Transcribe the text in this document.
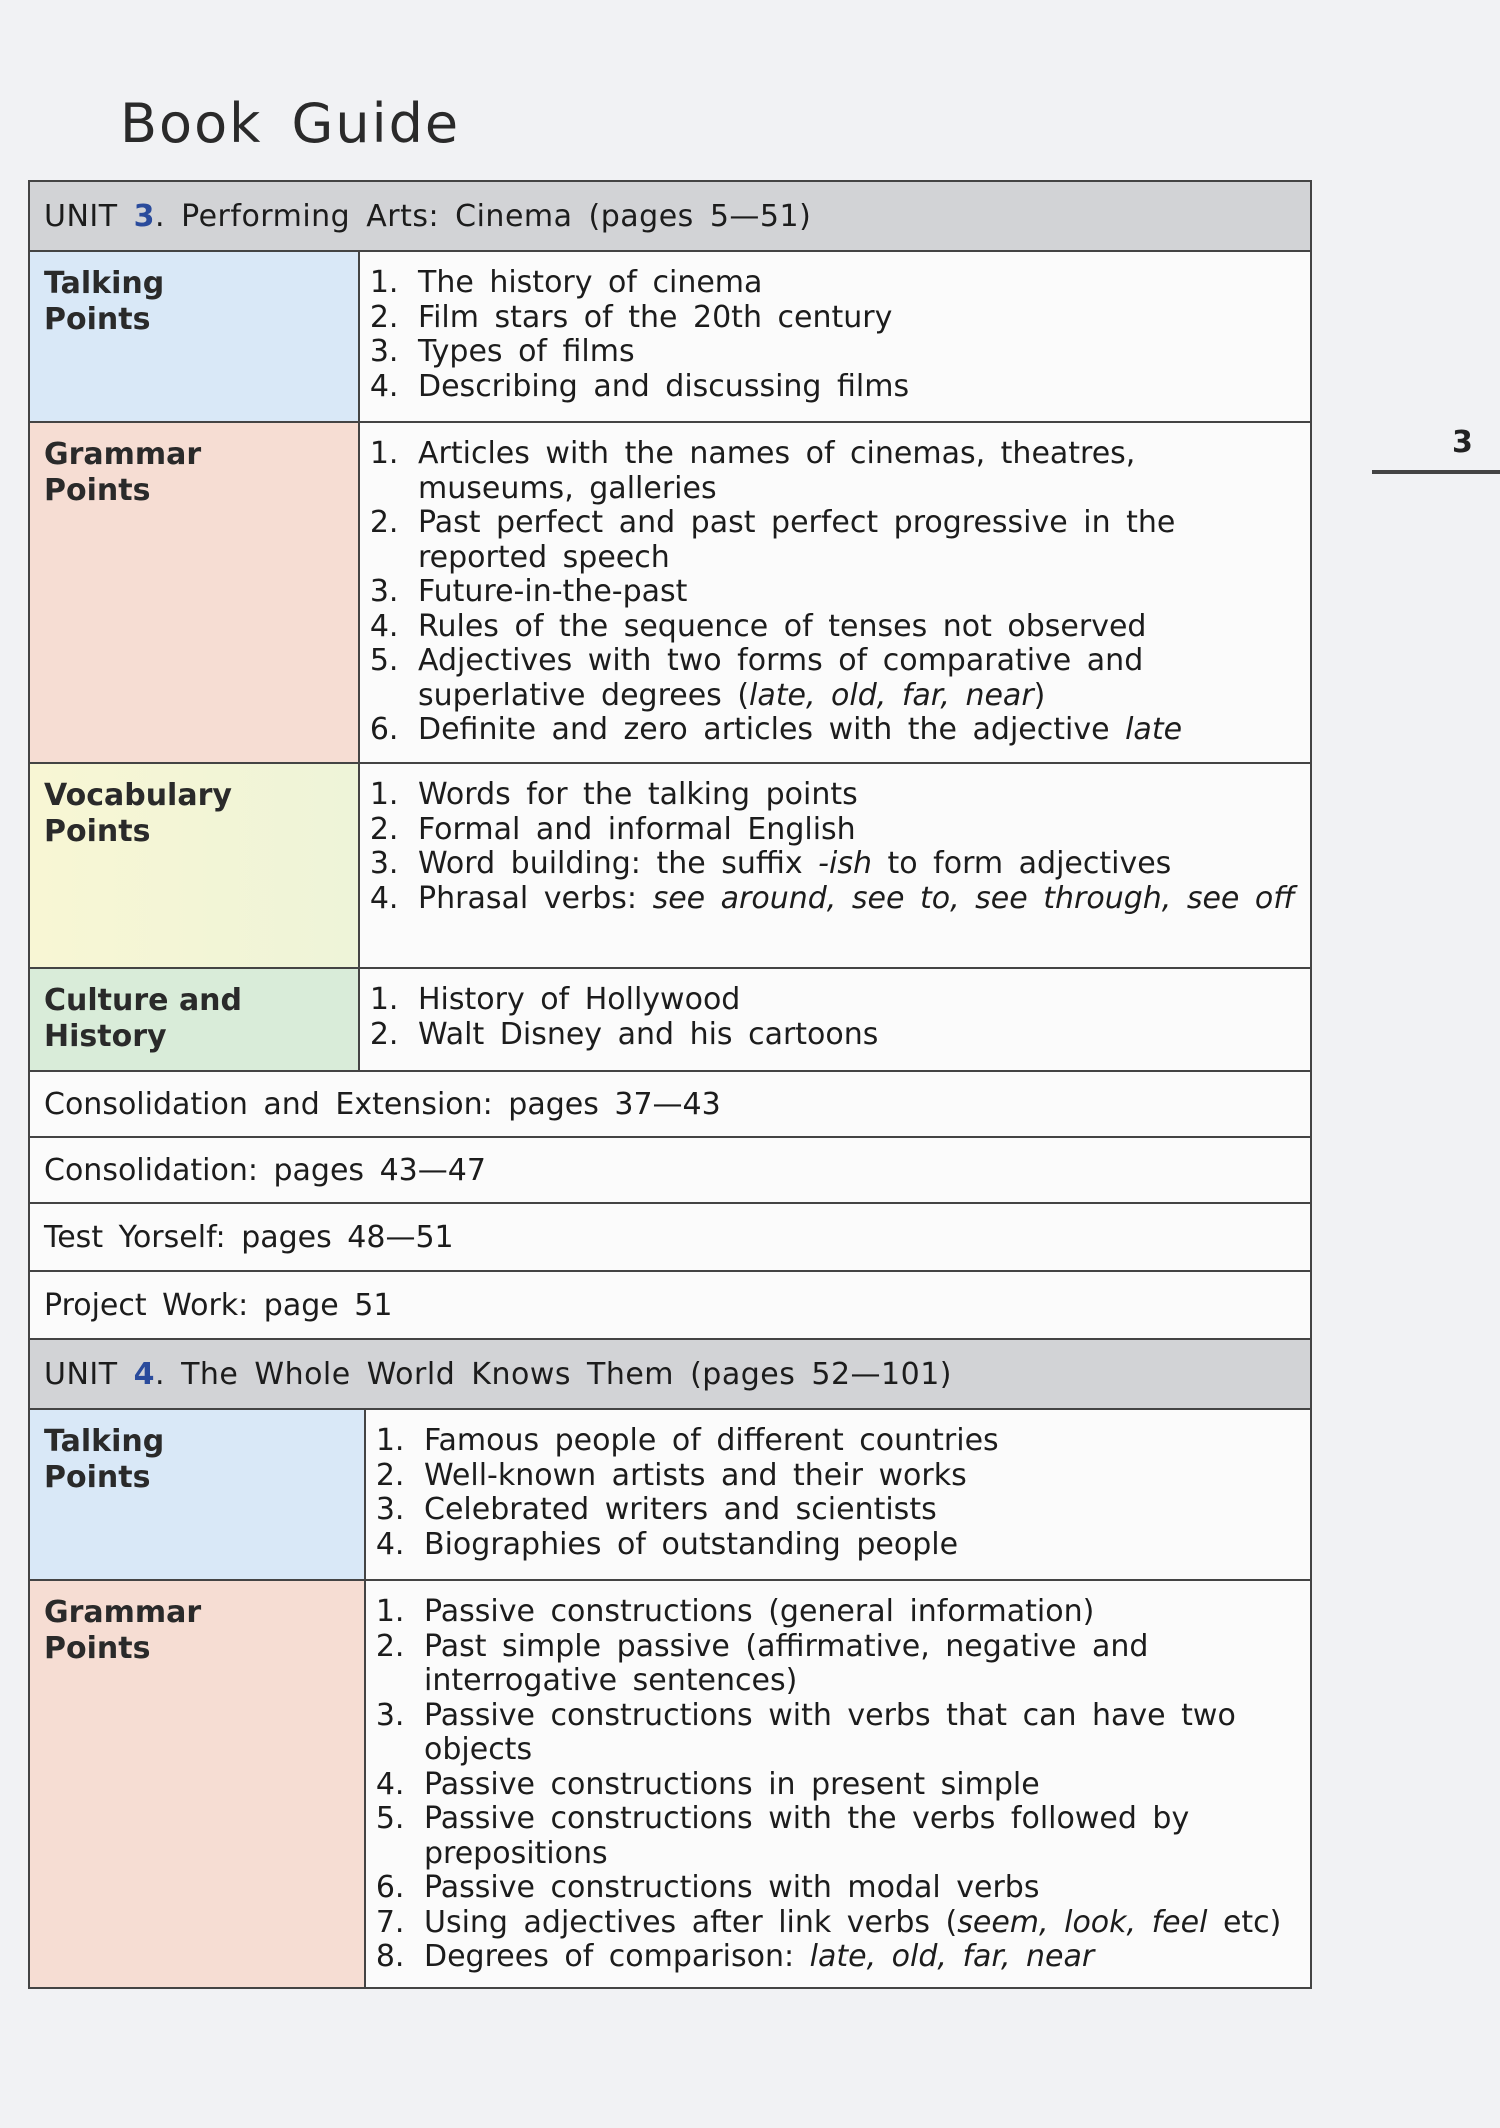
Book Guide
3
UNIT
3 . Performing Arts: Cinema (pages 5—51)
Talking Points
1. The history of cinema
2. Film stars of the 20th century
3. Types of films
4. Describing and discussing films
Grammar Points
1. Articles with the names of cinemas, theatres, museums, galleries
2. Past perfect and past perfect progressive in the reported speech
3. Future-in-the-past
4. Rules of the sequence of tenses not observed
5. Adjectives with two forms of comparative and superlative degrees (late, old, far, near)
6. Definite and zero articles with the adjective late
Vocabulary Points
1. Words for the talking points
2. Formal and informal English
3. Word building: the suffix -ish to form adjectives
4. Phrasal verbs: see around, see to, see through, see off
Culture and History
1. History of Hollywood
2. Walt Disney and his cartoons
Consolidation and Extension: pages 37—43
Consolidation: pages 43—47
Test Yorself: pages 48—51
Project Work: page 51
UNIT
4 . The Whole World Knows Them (pages 52—101)
Talking Points
1. Famous people of different countries
2. Well-known artists and their works
3. Celebrated writers and scientists
4. Biographies of outstanding people
Grammar Points
1. Passive constructions (general information)
2. Past simple passive (affirmative, negative and interrogative sentences)
3. Passive constructions with verbs that can have two objects
4. Passive constructions in present simple
5. Passive constructions with the verbs followed by prepositions
6. Passive constructions with modal verbs
7. Using adjectives after link verbs (seem, look, feel etc)
8. Degrees of comparison: late, old, far, near
